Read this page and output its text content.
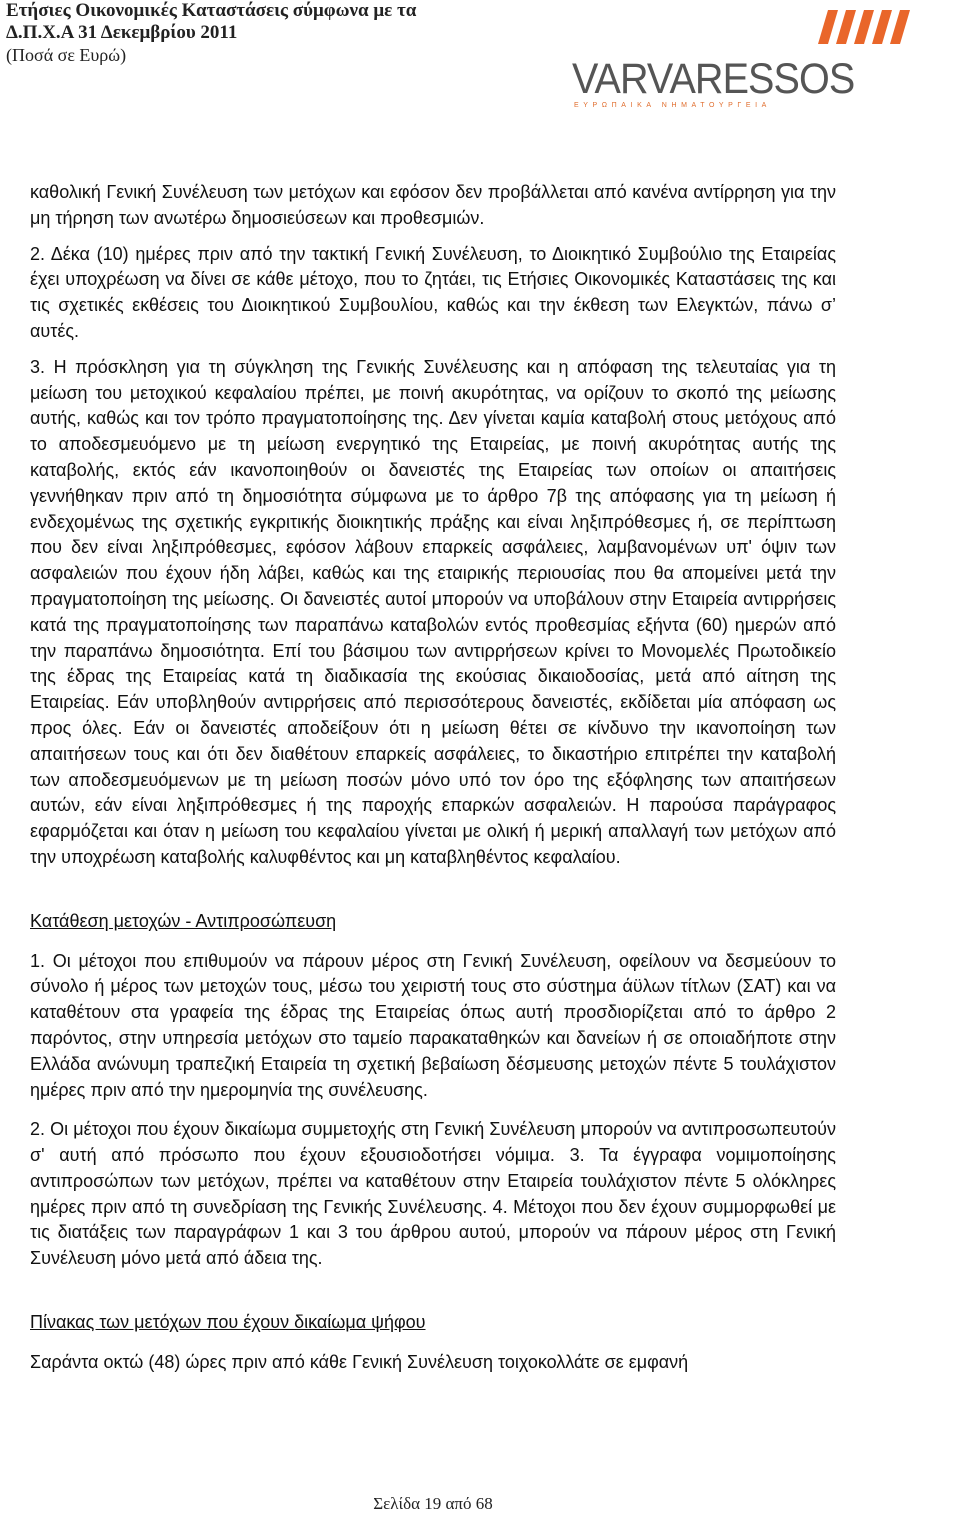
Ετήσιες Οικονομικές Καταστάσεις σύμφωνα με τα
Δ.Π.Χ.Α 31 Δεκεμβρίου 2011
(Ποσά σε Ευρώ)	VARVARESSOS
ΕΥΡΩΠΑΙΚΑ ΝΗΜΑΤΟΥΡΓΕΙΑ

καθολική Γενική Συνέλευση των μετόχων και εφόσον δεν προβάλλεται από κανένα αντίρρηση για την μη τήρηση των ανωτέρω δημοσιεύσεων και προθεσμιών.

2. Δέκα (10) ημέρες πριν από την τακτική Γενική Συνέλευση, το Διοικητικό Συμβούλιο της Εταιρείας έχει υποχρέωση να δίνει σε κάθε μέτοχο, που το ζητάει, τις Ετήσιες Οικονομικές Καταστάσεις της και τις σχετικές εκθέσεις του Διοικητικού Συμβουλίου, καθώς και την έκθεση των Ελεγκτών, πάνω σ’ αυτές.

3. Η πρόσκληση για τη σύγκληση της Γενικής Συνέλευσης και η απόφαση της τελευταίας για τη μείωση του μετοχικού κεφαλαίου πρέπει, με ποινή ακυρότητας, να ορίζουν το σκοπό της μείωσης αυτής, καθώς και τον τρόπο πραγματοποίησης της. Δεν γίνεται καμία καταβολή στους μετόχους από το αποδεσμευόμενο με τη μείωση ενεργητικό της Εταιρείας, με ποινή ακυρότητας αυτής της καταβολής, εκτός εάν ικανοποιηθούν οι δανειστές της Εταιρείας των οποίων οι απαιτήσεις γεννήθηκαν πριν από τη δημοσιότητα σύμφωνα με το άρθρο 7β της απόφασης για τη μείωση ή ενδεχομένως της σχετικής εγκριτικής διοικητικής πράξης και είναι ληξιπρόθεσμες ή, σε περίπτωση που δεν είναι ληξιπρόθεσμες, εφόσον λάβουν επαρκείς ασφάλειες, λαμβανομένων υπ' όψιν των ασφαλειών που έχουν ήδη λάβει, καθώς και της εταιρικής περιουσίας που θα απομείνει μετά την πραγματοποίηση της μείωσης. Οι δανειστές αυτοί μπορούν να υποβάλουν στην Εταιρεία αντιρρήσεις κατά της πραγματοποίησης των παραπάνω καταβολών εντός προθεσμίας εξήντα (60) ημερών από την παραπάνω δημοσιότητα. Επί του βάσιμου των αντιρρήσεων κρίνει το Μονομελές Πρωτοδικείο της έδρας της Εταιρείας κατά τη διαδικασία της εκούσιας δικαιοδοσίας, μετά από αίτηση της Εταιρείας. Εάν υποβληθούν αντιρρήσεις από περισσότερους δανειστές, εκδίδεται μία απόφαση ως προς όλες. Εάν οι δανειστές αποδείξουν ότι η μείωση θέτει σε κίνδυνο την ικανοποίηση των απαιτήσεων τους και ότι δεν διαθέτουν επαρκείς ασφάλειες, το δικαστήριο επιτρέπει την καταβολή των αποδεσμευόμενων με τη μείωση ποσών μόνο υπό τον όρο της εξόφλησης των απαιτήσεων αυτών, εάν είναι ληξιπρόθεσμες ή της παροχής επαρκών ασφαλειών. Η παρούσα παράγραφος εφαρμόζεται και όταν η μείωση του κεφαλαίου γίνεται με ολική ή μερική απαλλαγή των μετόχων από την υποχρέωση καταβολής καλυφθέντος και μη καταβληθέντος κεφαλαίου.

Κατάθεση μετοχών - Αντιπροσώπευση

1. Οι μέτοχοι που επιθυμούν να πάρουν μέρος στη Γενική Συνέλευση, οφείλουν να δεσμεύουν το σύνολο ή μέρος των μετοχών τους, μέσω του χειριστή τους στο σύστημα άϋλων τίτλων (ΣΑΤ) και να καταθέτουν στα γραφεία της έδρας της Εταιρείας όπως αυτή προσδιορίζεται από το άρθρο 2 παρόντος, στην υπηρεσία μετόχων στο ταμείο παρακαταθηκών και δανείων ή σε οποιαδήποτε στην Ελλάδα ανώνυμη τραπεζική Εταιρεία τη σχετική βεβαίωση δέσμευσης μετοχών πέντε 5 τουλάχιστον ημέρες πριν από την ημερομηνία της συνέλευσης.

2. Οι μέτοχοι που έχουν δικαίωμα συμμετοχής στη Γενική Συνέλευση μπορούν να αντιπροσωπευτούν σ' αυτή από πρόσωπο που έχουν εξουσιοδοτήσει νόμιμα. 3. Τα έγγραφα νομιμοποίησης αντιπροσώπων των μετόχων, πρέπει να καταθέτουν στην Εταιρεία τουλάχιστον πέντε 5 ολόκληρες ημέρες πριν από τη συνεδρίαση της Γενικής Συνέλευσης. 4. Μέτοχοι που δεν έχουν συμμορφωθεί με τις διατάξεις των παραγράφων 1 και 3 του άρθρου αυτού, μπορούν να πάρουν μέρος στη Γενική Συνέλευση μόνο μετά από άδεια της.

Πίνακας των μετόχων που έχουν δικαίωμα ψήφου

Σαράντα οκτώ (48) ώρες πριν από κάθε Γενική Συνέλευση τοιχοκολλάτε σε εμφανή

Σελίδα 19 από 68
